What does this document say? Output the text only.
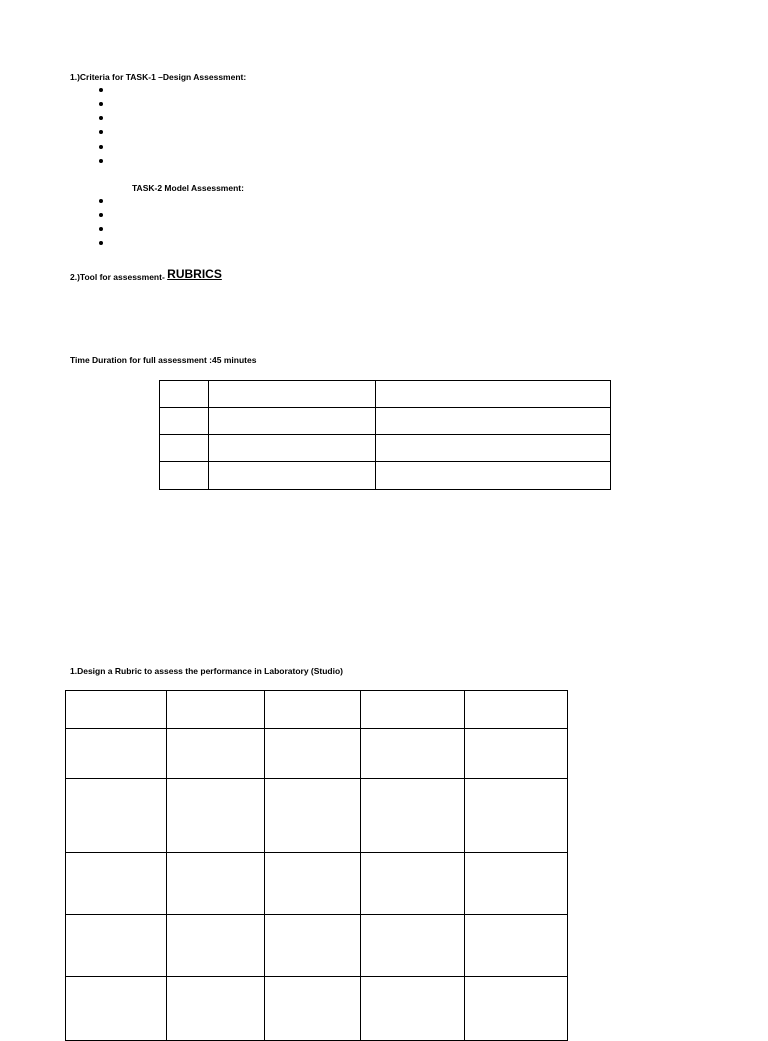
1.)Criteria for TASK-1 –Design Assessment:
TASK-2 Model Assessment:
2.)Tool for assessment- RUBRICS
Time Duration for full assessment :45 minutes

1.Design a Rubric to assess the performance in Laboratory (Studio)
